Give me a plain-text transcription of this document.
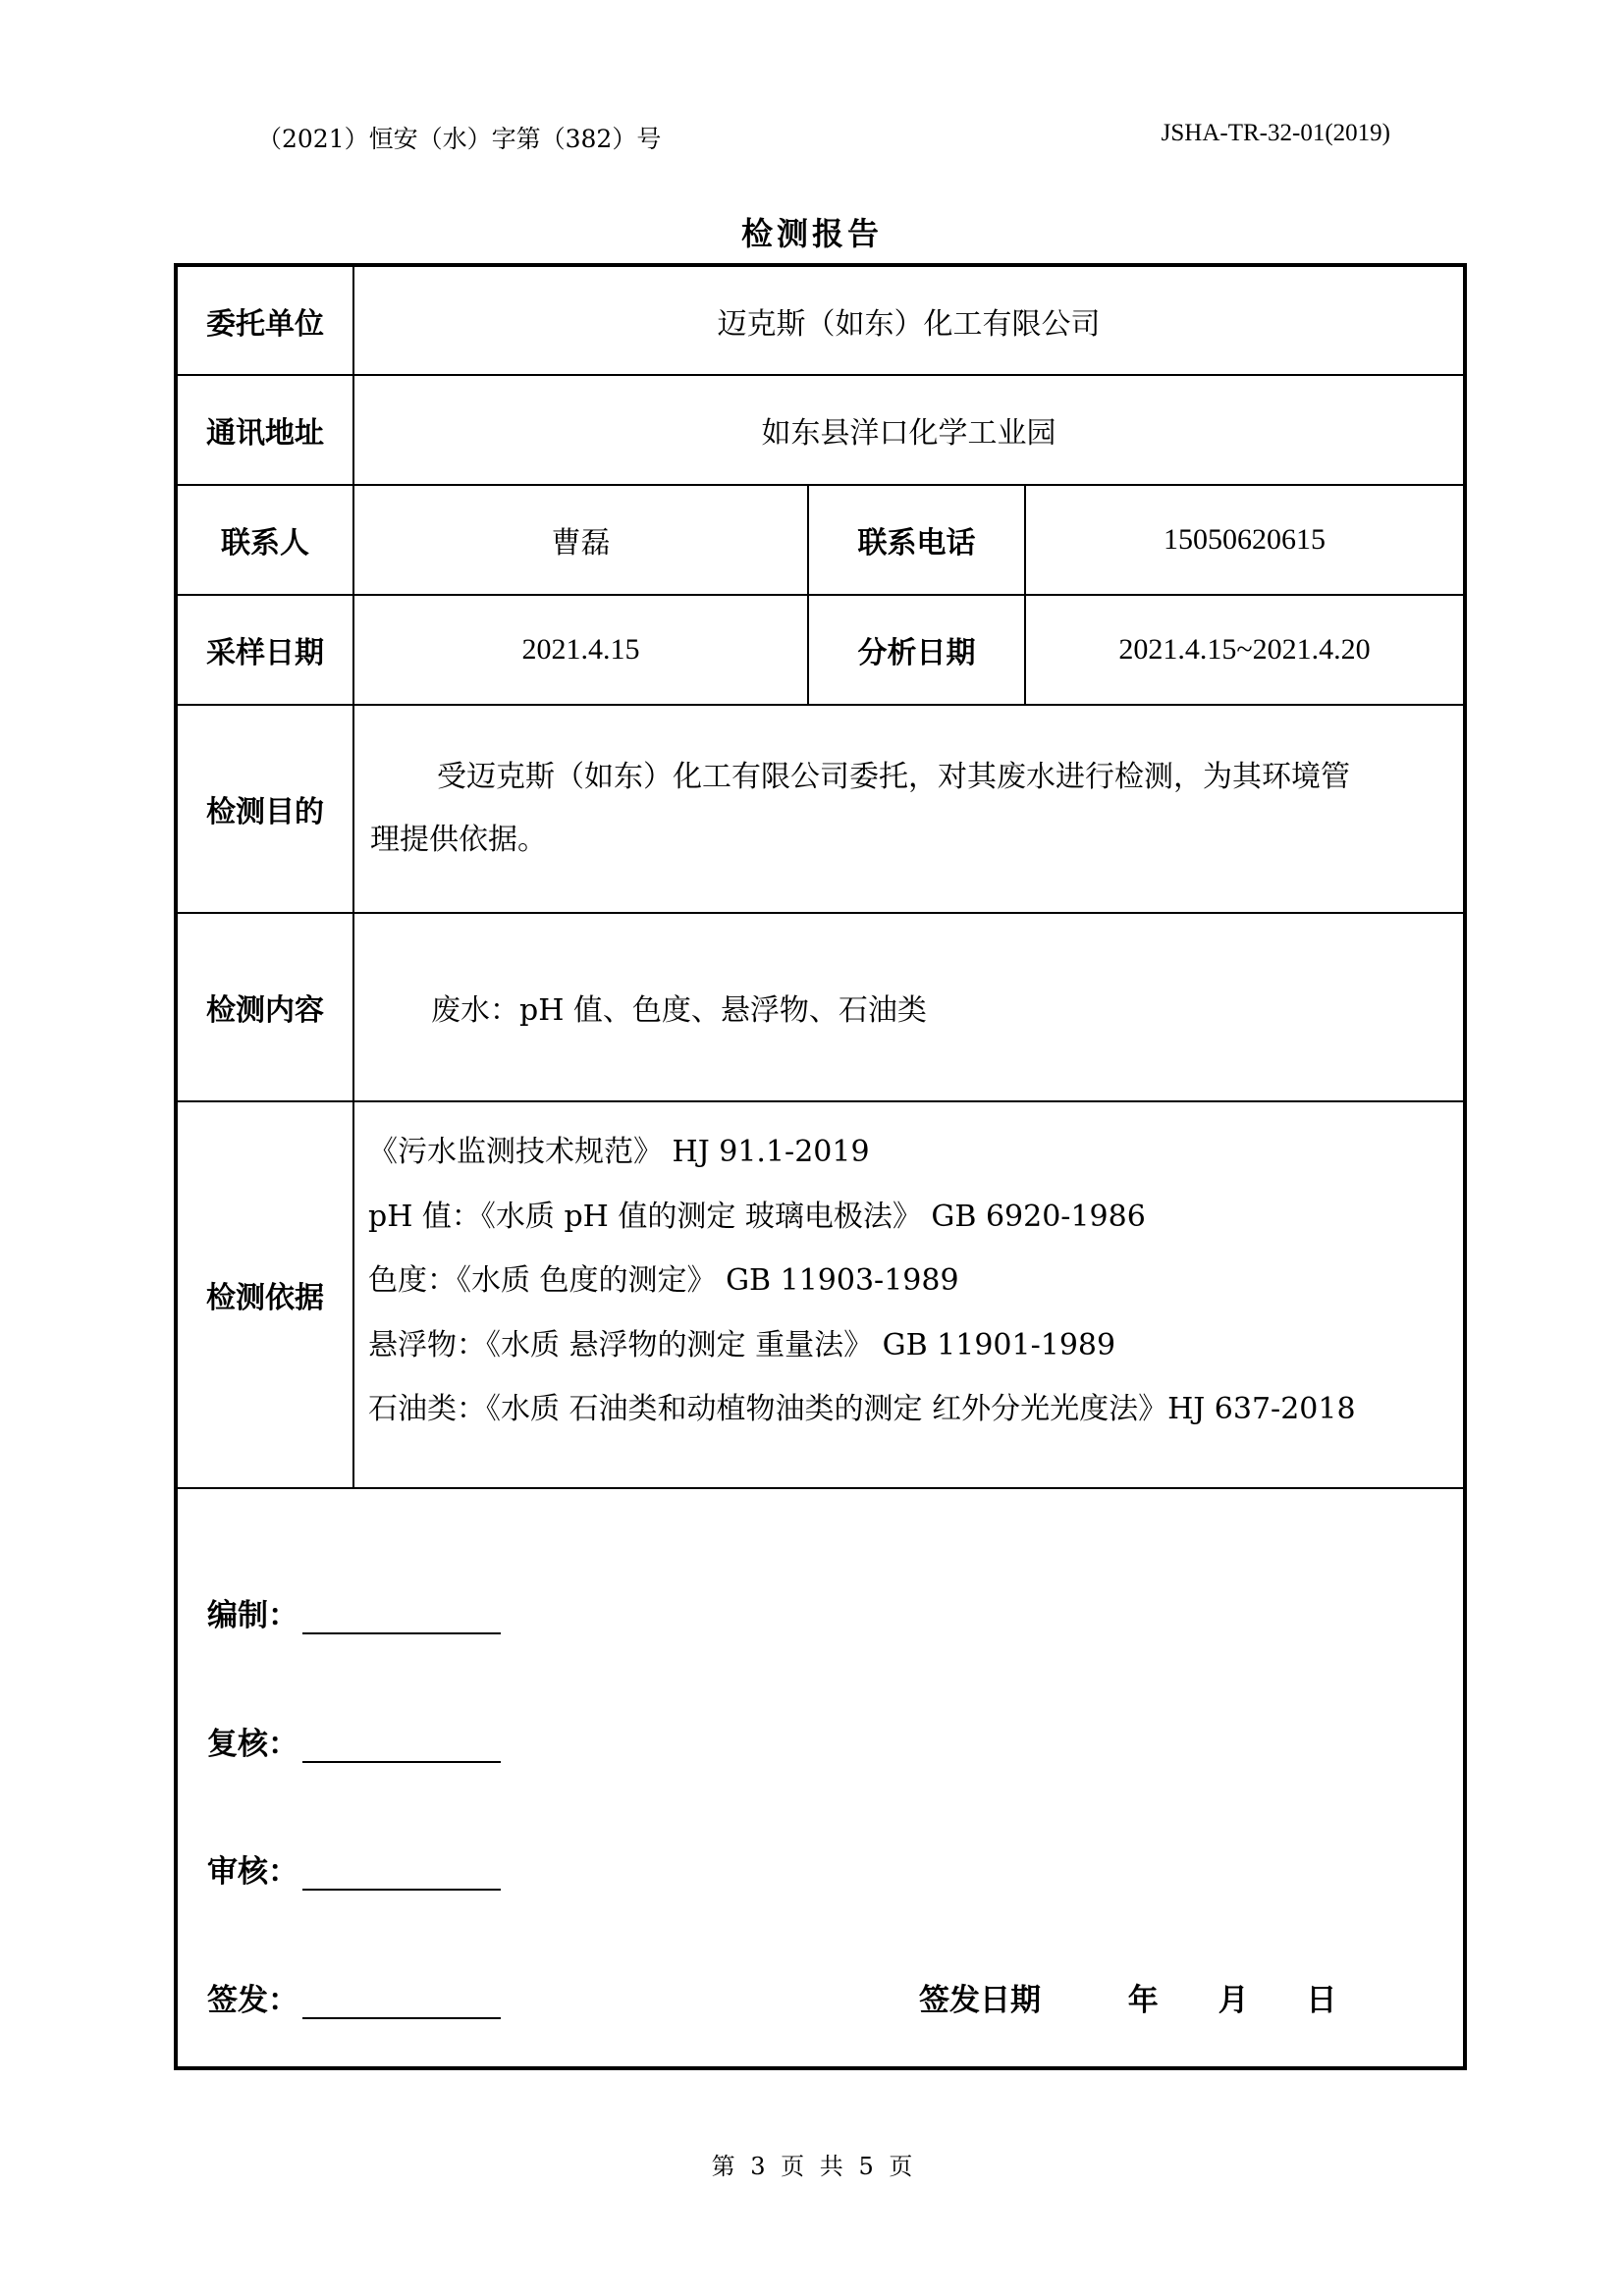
（2021）恒安（水）字第（382）号	JSHA-TR-32-01(2019)
检测报告
委托单位	迈克斯（如东）化工有限公司		
通讯地址	如东县洋口化学工业园		
联系人	曹磊	联系电话	15050620615
采样日期	2021.4.15	分析日期	2021.4.15~2021.4.20
检测目的	受迈克斯（如东）化工有限公司委托，对其废水进行检测，为其环境管
理提供依据。		

检测内容	废水：pH 值、色度、悬浮物、石油类		
检测依据	《污水监测技术规范》 HJ 91.1-2019
pH 值：《水质 pH 值的测定 玻璃电极法》 GB 6920-1986
色度：《水质 色度的测定》 GB 11903-1989
悬浮物：《水质 悬浮物的测定 重量法》 GB 11901-1989
石油类：《水质 石油类和动植物油类的测定 红外分光光度法》HJ 637-2018		

编制：
复核：
审核：
签发： 签发日期 年 月 日			
第 3 页 共 5 页
